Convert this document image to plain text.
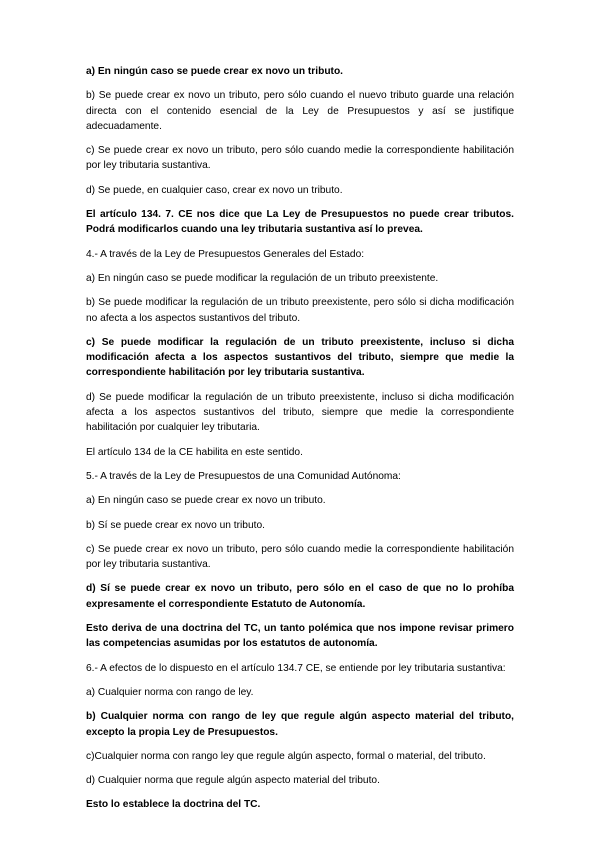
a) En ningún caso se puede crear ex novo un tributo.

b) Se puede crear ex novo un tributo, pero sólo cuando el nuevo tributo guarde una relación directa con el contenido esencial de la Ley de Presupuestos y así se justifique adecuadamente.

c) Se puede crear ex novo un tributo, pero sólo cuando medie la correspondiente habilitación por ley tributaria sustantiva.

d) Se puede, en cualquier caso, crear ex novo un tributo.

El artículo 134. 7. CE nos dice que La Ley de Presupuestos no puede crear tributos. Podrá modificarlos cuando una ley tributaria sustantiva así lo prevea.

4.- A través de la Ley de Presupuestos Generales del Estado:

a) En ningún caso se puede modificar la regulación de un tributo preexistente.

b) Se puede modificar la regulación de un tributo preexistente, pero sólo si dicha modificación no afecta a los aspectos sustantivos del tributo.

c) Se puede modificar la regulación de un tributo preexistente, incluso si dicha modificación afecta a los aspectos sustantivos del tributo, siempre que medie la correspondiente habilitación por ley tributaria sustantiva.

d) Se puede modificar la regulación de un tributo preexistente, incluso si dicha modificación afecta a los aspectos sustantivos del tributo, siempre que medie la correspondiente habilitación por cualquier ley tributaria.

El artículo 134 de la CE habilita en este sentido.

5.- A través de la Ley de Presupuestos de una Comunidad Autónoma:

a) En ningún caso se puede crear ex novo un tributo.

b) Sí se puede crear ex novo un tributo.

c) Se puede crear ex novo un tributo, pero sólo cuando medie la correspondiente habilitación por ley tributaria sustantiva.

d) Sí se puede crear ex novo un tributo, pero sólo en el caso de que no lo prohíba expresamente el correspondiente Estatuto de Autonomía.

Esto deriva de una doctrina del TC, un tanto polémica que nos impone revisar primero las competencias asumidas por los estatutos de autonomía.

6.- A efectos de lo dispuesto en el artículo 134.7 CE, se entiende por ley tributaria sustantiva:

a) Cualquier norma con rango de ley.

b) Cualquier norma con rango de ley que regule algún aspecto material del tributo, excepto la propia Ley de Presupuestos.

c)Cualquier norma con rango ley que regule algún aspecto, formal o material, del tributo.

d) Cualquier norma que regule algún aspecto material del tributo.

Esto lo establece la doctrina del TC.
